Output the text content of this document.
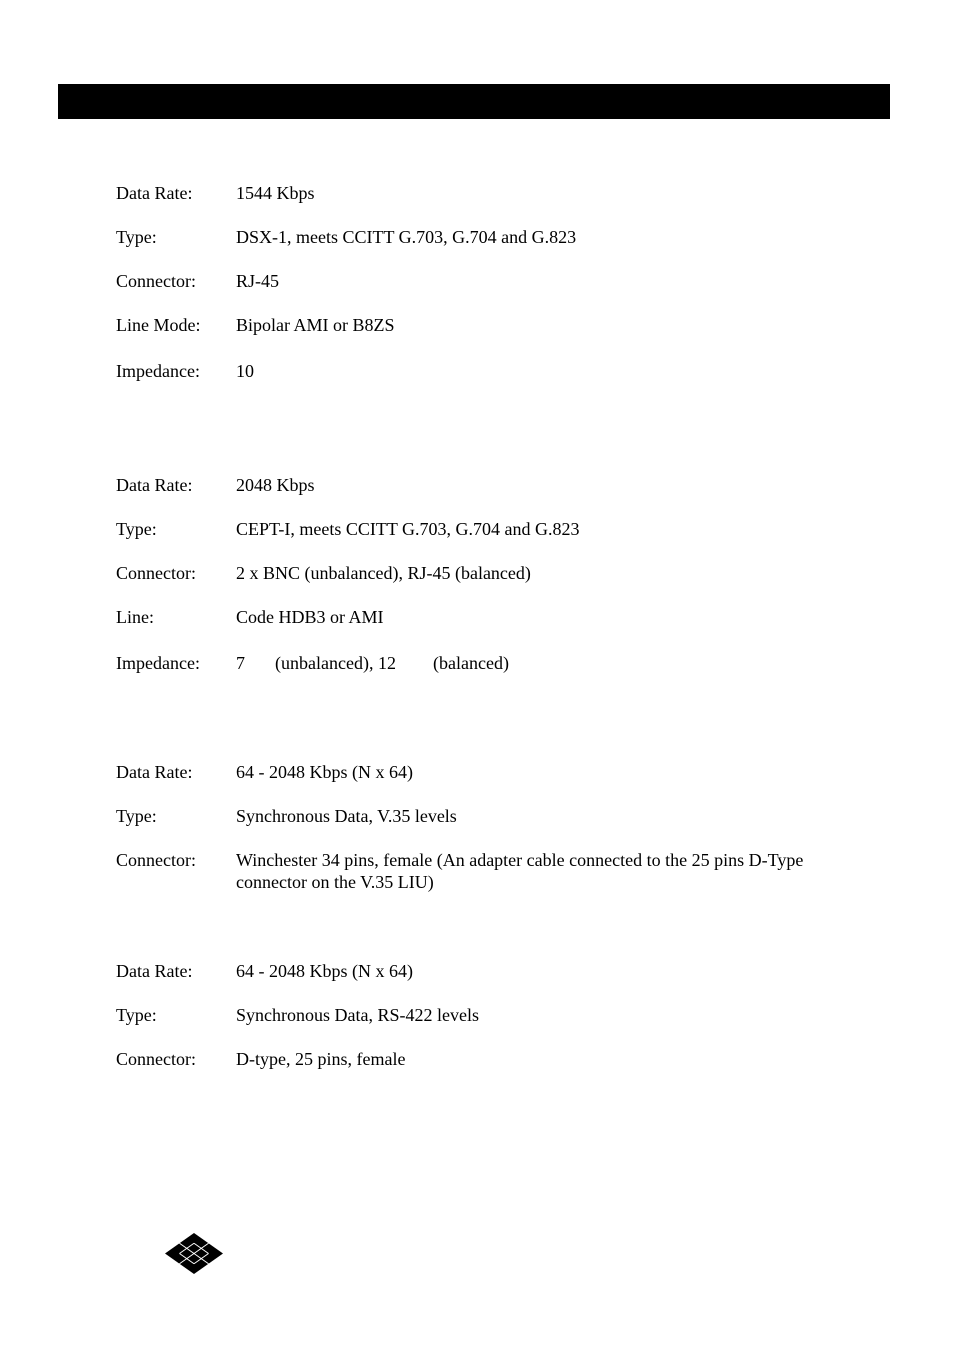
Data Rate:	1544 Kbps
Type:	DSX-1, meets CCITT G.703, G.704 and G.823
Connector:	RJ-45
Line Mode:	Bipolar AMI or B8ZS
Impedance:	10
Data Rate:	2048 Kbps
Type:	CEPT-I, meets CCITT G.703, G.704 and G.823
Connector:	2 x BNC (unbalanced), RJ-45 (balanced)
Line:	Code HDB3 or AMI
Impedance:	7 (unbalanced), 12 (balanced)
Data Rate:	64 - 2048 Kbps (N x 64)
Type:	Synchronous Data, V.35 levels
Connector:	Winchester 34 pins, female (An adapter cable connected to the 25 pins D-Type connector on the V.35 LIU)
Data Rate:	64 - 2048 Kbps (N x 64)
Type:	Synchronous Data, RS-422 levels
Connector:	D-type, 25 pins, female
